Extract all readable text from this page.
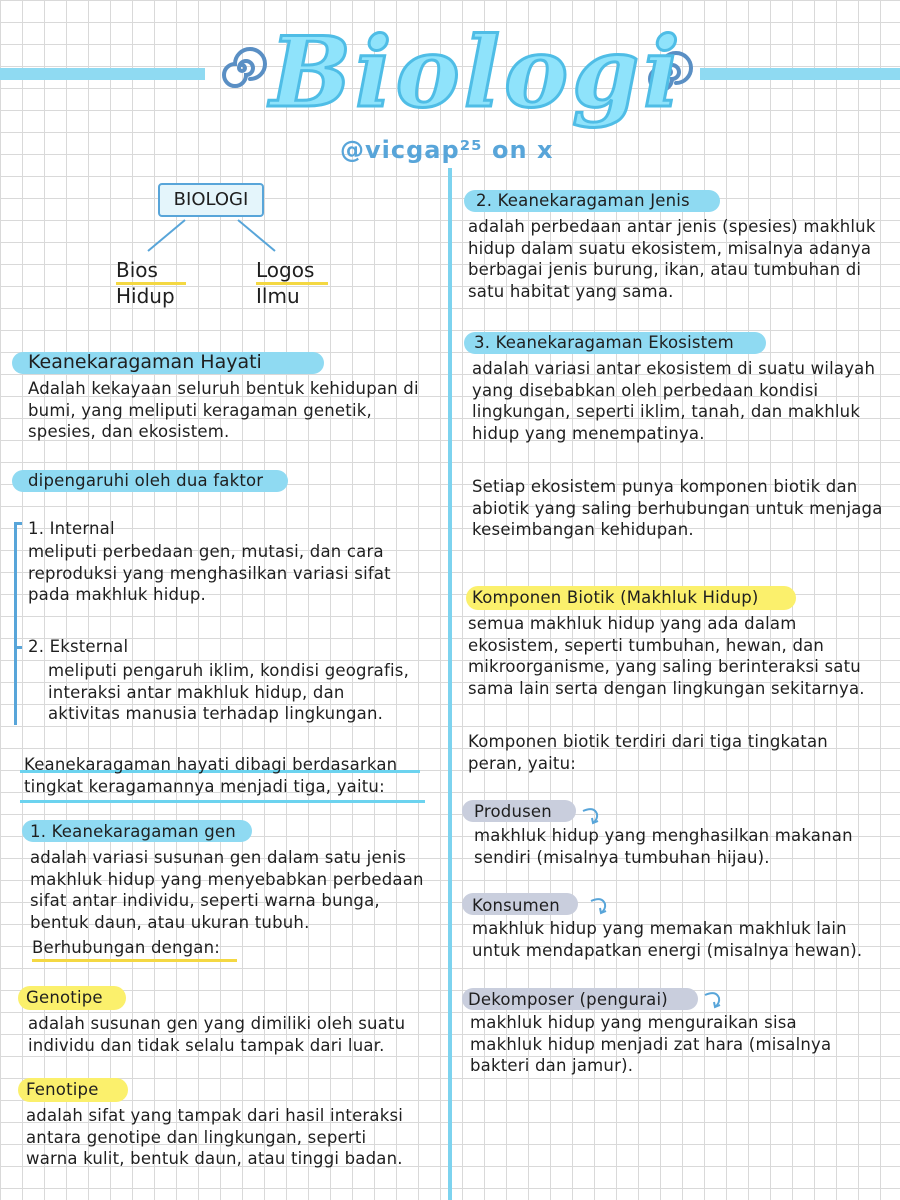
Biologi
@vicgap²⁵ on x
BIOLOGI
Bios
Hidup
Logos
Ilmu
Keanekaragaman Hayati
Adalah kekayaan seluruh bentuk kehidupan di
bumi, yang meliputi keragaman genetik,
spesies, dan ekosistem.
dipengaruhi oleh dua faktor
1. Internal
meliputi perbedaan gen, mutasi, dan cara
reproduksi yang menghasilkan variasi sifat
pada makhluk hidup.
2. Eksternal
meliputi pengaruh iklim, kondisi geografis,
interaksi antar makhluk hidup, dan
aktivitas manusia terhadap lingkungan.
Keanekaragaman hayati dibagi berdasarkan
tingkat keragamannya menjadi tiga, yaitu:
1. Keanekaragaman gen
adalah variasi susunan gen dalam satu jenis
makhluk hidup yang menyebabkan perbedaan
sifat antar individu, seperti warna bunga,
bentuk daun, atau ukuran tubuh.
Berhubungan dengan:
Genotipe
adalah susunan gen yang dimiliki oleh suatu
individu dan tidak selalu tampak dari luar.
Fenotipe
adalah sifat yang tampak dari hasil interaksi
antara genotipe dan lingkungan, seperti
warna kulit, bentuk daun, atau tinggi badan.
2. Keanekaragaman Jenis
adalah perbedaan antar jenis (spesies) makhluk
hidup dalam suatu ekosistem, misalnya adanya
berbagai jenis burung, ikan, atau tumbuhan di
satu habitat yang sama.
3. Keanekaragaman Ekosistem
adalah variasi antar ekosistem di suatu wilayah
yang disebabkan oleh perbedaan kondisi
lingkungan, seperti iklim, tanah, dan makhluk
hidup yang menempatinya.
Setiap ekosistem punya komponen biotik dan
abiotik yang saling berhubungan untuk menjaga
keseimbangan kehidupan.
Komponen Biotik (Makhluk Hidup)
semua makhluk hidup yang ada dalam
ekosistem, seperti tumbuhan, hewan, dan
mikroorganisme, yang saling berinteraksi satu
sama lain serta dengan lingkungan sekitarnya.
Komponen biotik terdiri dari tiga tingkatan
peran, yaitu:
Produsen
makhluk hidup yang menghasilkan makanan
sendiri (misalnya tumbuhan hijau).
Konsumen
makhluk hidup yang memakan makhluk lain
untuk mendapatkan energi (misalnya hewan).
Dekomposer (pengurai)
makhluk hidup yang menguraikan sisa
makhluk hidup menjadi zat hara (misalnya
bakteri dan jamur).
